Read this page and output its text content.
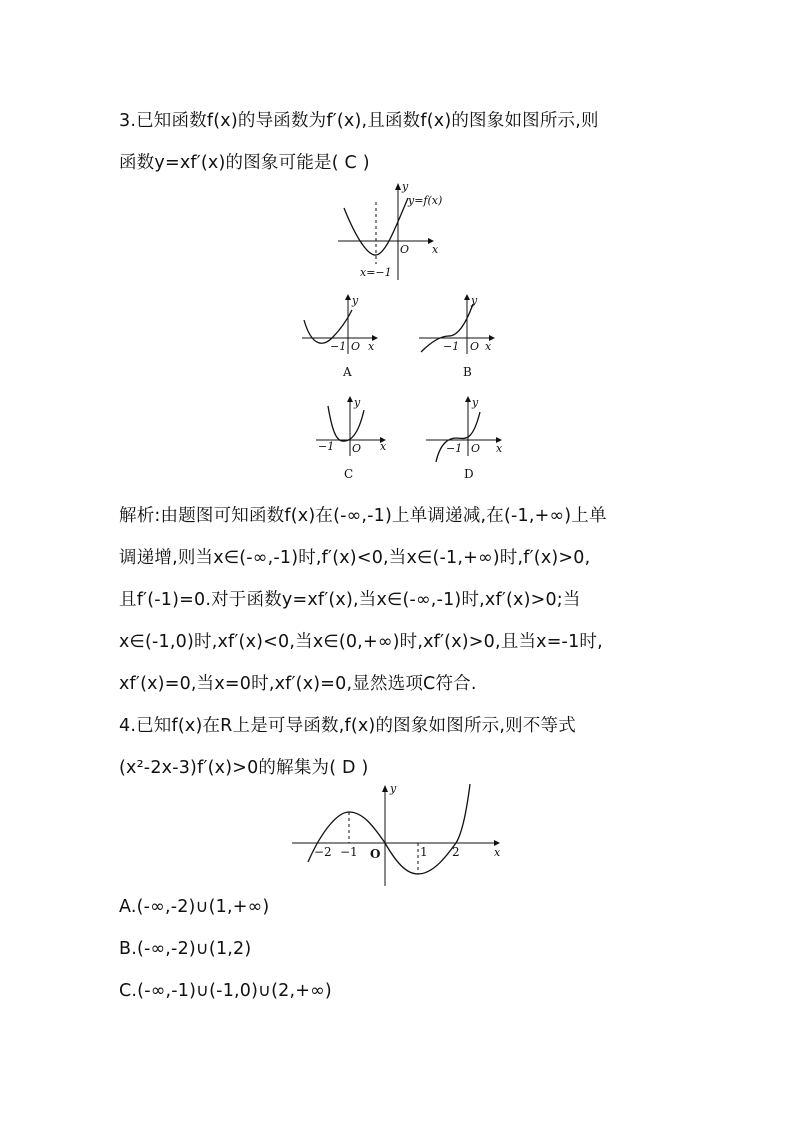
3.已知函数f(x)的导函数为f′(x),且函数f(x)的图象如图所示,则
函数y=xf′(x)的图象可能是( C )
y
y=f(x)
x
O
x=−1
y
x
O
−1
A
y
x
O
−1
B
y
x
O
−1
C
y
x
O
−1
D
解析:由题图可知函数f(x)在(-∞,-1)上单调递减,在(-1,+∞)上单
调递增,则当x∈(-∞,-1)时,f′(x)<0,当x∈(-1,+∞)时,f′(x)>0,
且f′(-1)=0.对于函数y=xf′(x),当x∈(-∞,-1)时,xf′(x)>0;当
x∈(-1,0)时,xf′(x)<0,当x∈(0,+∞)时,xf′(x)>0,且当x=-1时,
xf′(x)=0,当x=0时,xf′(x)=0,显然选项C符合.
4.已知f(x)在R上是可导函数,f(x)的图象如图所示,则不等式
(x²-2x-3)f′(x)>0的解集为( D )
y
x
O
−2 −1	1 2
A.(-∞,-2)∪(1,+∞)
B.(-∞,-2)∪(1,2)
C.(-∞,-1)∪(-1,0)∪(2,+∞)
